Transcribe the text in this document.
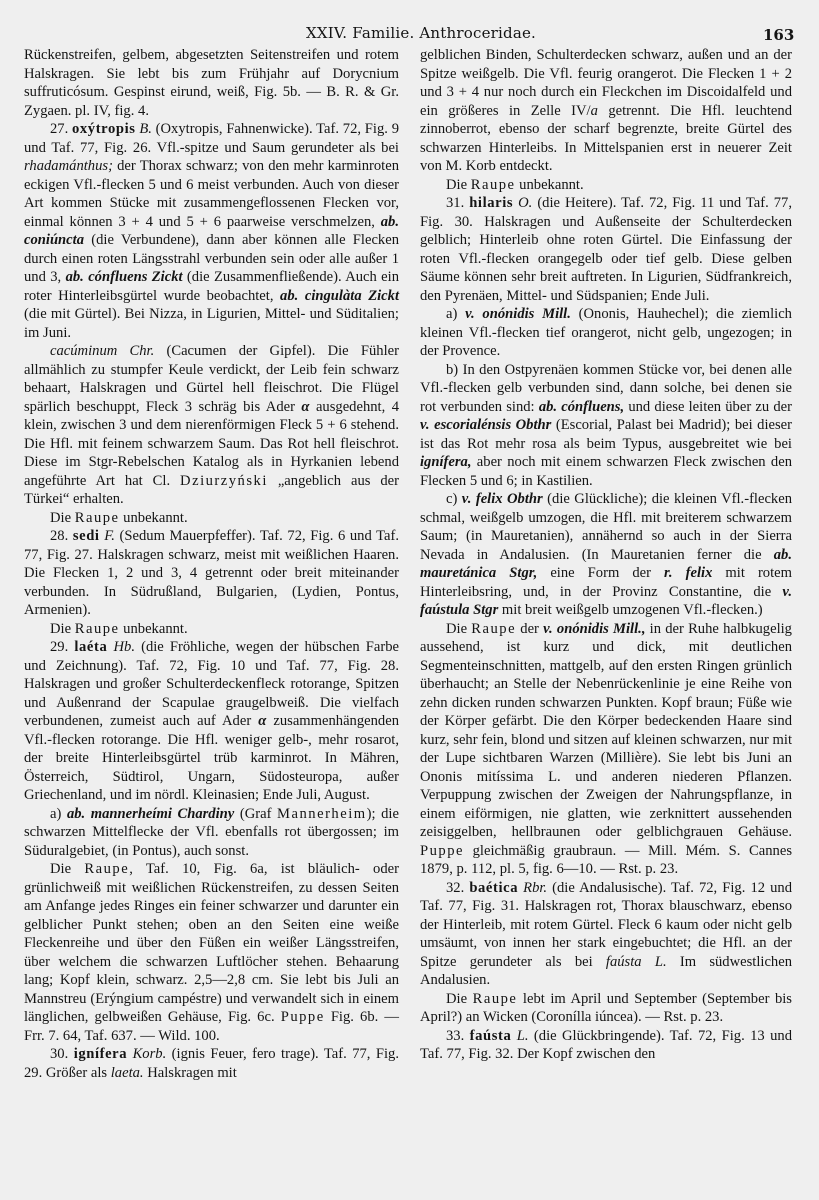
XXIV. Familie. Anthroceridae.	163

Rückenstreifen, gelbem, abgesetzten Seitenstreifen und rotem Halskragen. Sie lebt bis zum Frühjahr auf Dorycnium suffruticósum. Gespinst eirund, weiß, Fig. 5b. — B. R. & Gr. Zygaen. pl. IV, fig. 4.

27. oxýtropis B. (Oxytropis, Fahnenwicke). Taf. 72, Fig. 9 und Taf. 77, Fig. 26. Vfl.-spitze und Saum gerundeter als bei rhadamánthus; der Thorax schwarz; von den mehr karminroten eckigen Vfl.-flecken 5 und 6 meist verbunden. Auch von dieser Art kommen Stücke mit zusammengeflossenen Flecken vor, einmal können 3 + 4 und 5 + 6 paarweise verschmelzen, ab. coniúncta (die Verbundene), dann aber können alle Flecken durch einen roten Längsstrahl verbunden sein oder alle außer 1 und 3, ab. cónfluens Zickt (die Zusammenfließende). Auch ein roter Hinterleibsgürtel wurde beobachtet, ab. cingulàta Zickt (die mit Gürtel). Bei Nizza, in Ligurien, Mittel- und Süditalien; im Juni.

cacúminum Chr. (Cacumen der Gipfel). Die Fühler allmählich zu stumpfer Keule verdickt, der Leib fein schwarz behaart, Halskragen und Gürtel hell fleischrot. Die Flügel spärlich beschuppt, Fleck 3 schräg bis Ader α ausgedehnt, 4 klein, zwischen 3 und dem nierenförmigen Fleck 5 + 6 stehend. Die Hfl. mit feinem schwarzem Saum. Das Rot hell fleischrot. Diese im Stgr-Rebelschen Katalog als in Hyrkanien lebend angeführte Art hat Cl. Dziurzyński „angeblich aus der Türkei“ erhalten.

Die Raupe unbekannt.

28. sedi F. (Sedum Mauerpfeffer). Taf. 72, Fig. 6 und Taf. 77, Fig. 27. Halskragen schwarz, meist mit weißlichen Haaren. Die Flecken 1, 2 und 3, 4 getrennt oder breit miteinander verbunden. In Südrußland, Bulgarien, (Lydien, Pontus, Armenien).

Die Raupe unbekannt.

29. laéta Hb. (die Fröhliche, wegen der hübschen Farbe und Zeichnung). Taf. 72, Fig. 10 und Taf. 77, Fig. 28. Halskragen und großer Schulterdeckenfleck rotorange, Spitzen und Außenrand der Scapulae graugelbweiß. Die vielfach verbundenen, zumeist auch auf Ader α zusammenhängenden Vfl.-flecken rotorange. Die Hfl. weniger gelb-, mehr rosarot, der breite Hinterleibsgürtel trüb karminrot. In Mähren, Österreich, Südtirol, Ungarn, Südosteuropa, außer Griechenland, und im nördl. Kleinasien; Ende Juli, August.

a) ab. mannerheími Chardiny (Graf Mannerheim); die schwarzen Mittelflecke der Vfl. ebenfalls rot übergossen; im Süduralgebiet, (in Pontus), auch sonst.

Die Raupe, Taf. 10, Fig. 6a, ist bläulich- oder grünlichweiß mit weißlichen Rückenstreifen, zu dessen Seiten am Anfange jedes Ringes ein feiner schwarzer und darunter ein gelblicher Punkt stehen; oben an den Seiten eine weiße Fleckenreihe und über den Füßen ein weißer Längsstreifen, über welchem die schwarzen Luftlöcher stehen. Behaarung lang; Kopf klein, schwarz. 2,5—2,8 cm. Sie lebt bis Juli an Mannstreu (Erýngium campéstre) und verwandelt sich in einem länglichen, gelbweißen Gehäuse, Fig. 6c. Puppe Fig. 6b. — Frr. 7. 64, Taf. 637. — Wild. 100.

30. ignífera Korb. (ignis Feuer, fero trage). Taf. 77, Fig. 29. Größer als laeta. Halskragen mit

gelblichen Binden, Schulterdecken schwarz, außen und an der Spitze weißgelb. Die Vfl. feurig orangerot. Die Flecken 1 + 2 und 3 + 4 nur noch durch ein Fleckchen im Discoidalfeld und ein größeres in Zelle IV/a getrennt. Die Hfl. leuchtend zinnoberrot, ebenso der scharf begrenzte, breite Gürtel des schwarzen Hinterleibs. In Mittelspanien erst in neuerer Zeit von M. Korb entdeckt.

Die Raupe unbekannt.

31. hilaris O. (die Heitere). Taf. 72, Fig. 11 und Taf. 77, Fig. 30. Halskragen und Außenseite der Schulterdecken gelblich; Hinterleib ohne roten Gürtel. Die Einfassung der roten Vfl.-flecken orangegelb oder tief gelb. Diese gelben Säume können sehr breit auftreten. In Ligurien, Südfrankreich, den Pyrenäen, Mittel- und Südspanien; Ende Juli.

a) v. onónidis Mill. (Ononis, Hauhechel); die ziemlich kleinen Vfl.-flecken tief orangerot, nicht gelb, ungezogen; in der Provence.

b) In den Ostpyrenäen kommen Stücke vor, bei denen alle Vfl.-flecken gelb verbunden sind, dann solche, bei denen sie rot verbunden sind: ab. cónfluens, und diese leiten über zu der v. escorialénsis Obthr (Escorial, Palast bei Madrid); bei dieser ist das Rot mehr rosa als beim Typus, ausgebreitet wie bei ignífera, aber noch mit einem schwarzen Fleck zwischen den Flecken 5 und 6; in Kastilien.

c) v. felix Obthr (die Glückliche); die kleinen Vfl.-flecken schmal, weißgelb umzogen, die Hfl. mit breiterem schwarzem Saum; (in Mauretanien), annähernd so auch in der Sierra Nevada in Andalusien. (In Mauretanien ferner die ab. mauretánica Stgr, eine Form der r. felix mit rotem Hinterleibsring, und, in der Provinz Constantine, die v. faústula Stgr mit breit weißgelb umzogenen Vfl.-flecken.)

Die Raupe der v. onónidis Mill., in der Ruhe halbkugelig aussehend, ist kurz und dick, mit deutlichen Segmenteinschnitten, mattgelb, auf den ersten Ringen grünlich überhaucht; an Stelle der Nebenrückenlinie je eine Reihe von zehn dicken runden schwarzen Punkten. Kopf braun; Füße wie der Körper gefärbt. Die den Körper bedeckenden Haare sind kurz, sehr fein, blond und sitzen auf kleinen schwarzen, nur mit der Lupe sichtbaren Warzen (Millière). Sie lebt bis Juni an Ononis mitíssima L. und anderen niederen Pflanzen. Verpuppung zwischen der Zweigen der Nahrungspflanze, in einem eiförmigen, nie glatten, wie zerknittert aussehenden zeisiggelben, hellbraunen oder gelblichgrauen Gehäuse. Puppe gleichmäßig graubraun. — Mill. Mém. S. Cannes 1879, p. 112, pl. 5, fig. 6—10. — Rst. p. 23.

32. baética Rbr. (die Andalusische). Taf. 72, Fig. 12 und Taf. 77, Fig. 31. Halskragen rot, Thorax blauschwarz, ebenso der Hinterleib, mit rotem Gürtel. Fleck 6 kaum oder nicht gelb umsäumt, von innen her stark eingebuchtet; die Hfl. an der Spitze gerundeter als bei faústa L. Im südwestlichen Andalusien.

Die Raupe lebt im April und September (September bis April?) an Wicken (Coronílla iúncea). — Rst. p. 23.

33. faústa L. (die Glückbringende). Taf. 72, Fig. 13 und Taf. 77, Fig. 32. Der Kopf zwischen den
